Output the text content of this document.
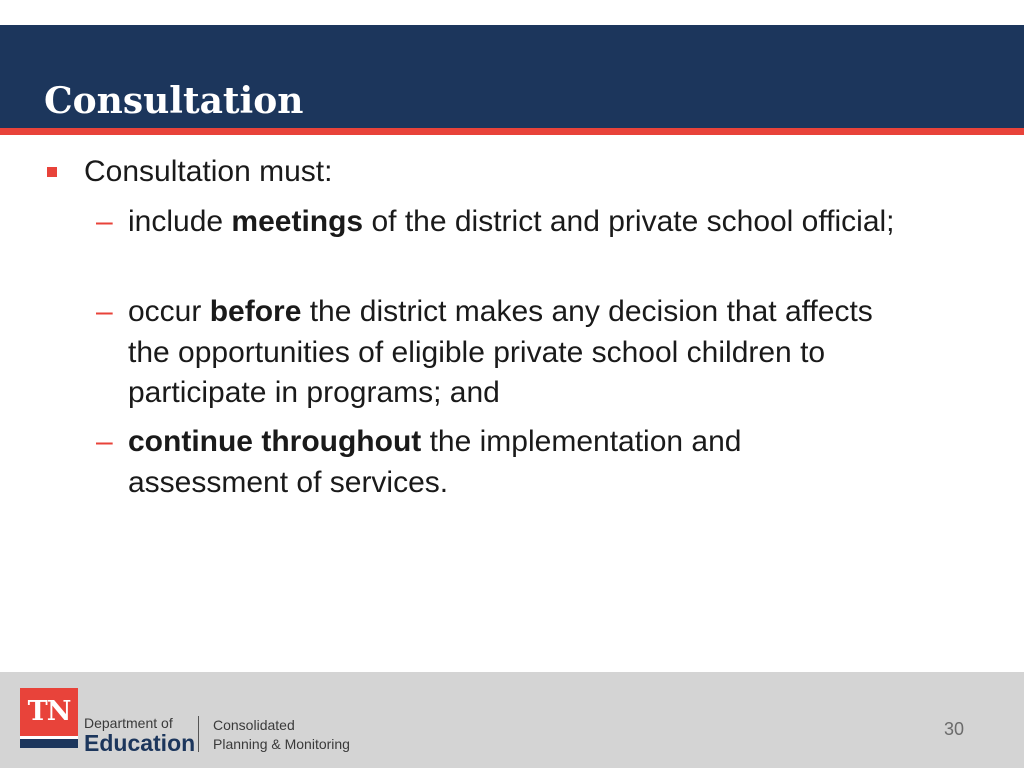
Consultation
Consultation must:
– include meetings of the district and private school official;
– occur before the district makes any decision that affects the opportunities of eligible private school children to participate in programs; and
– continue throughout the implementation and assessment of services.
TN Department of
Education
Consolidated
Planning & Monitoring
30
